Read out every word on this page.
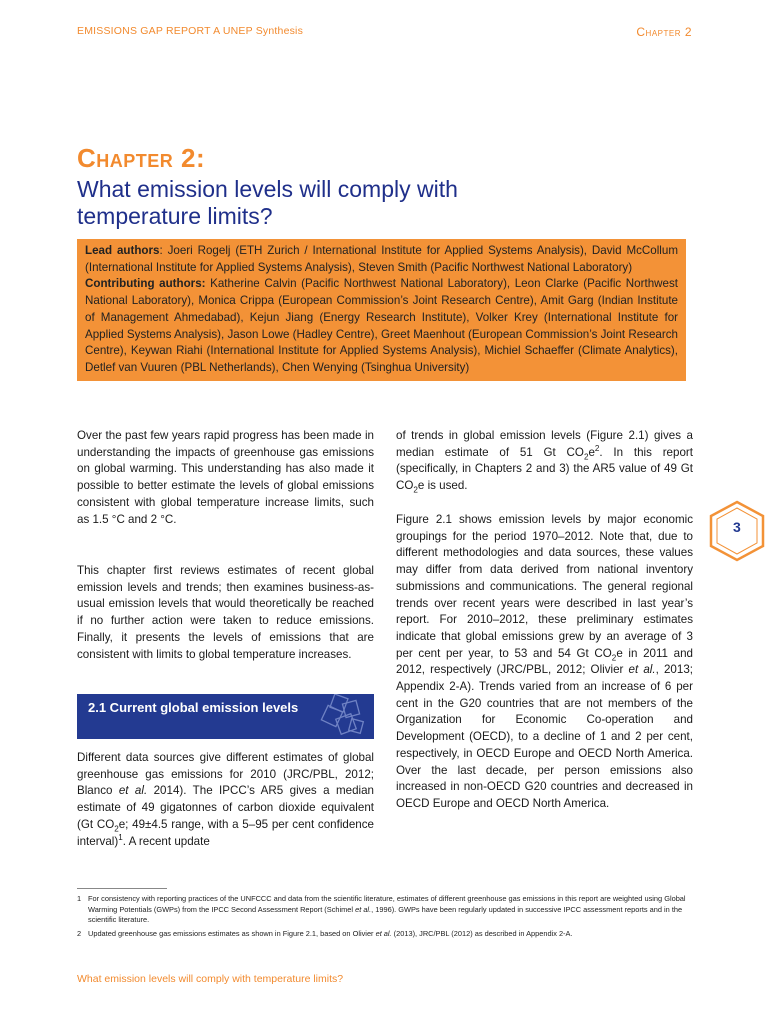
EMISSIONS GAP REPORT A UNEP Synthesis	Chapter 2
Chapter 2:
What emission levels will comply with temperature limits?
Lead authors: Joeri Rogelj (ETH Zurich / International Institute for Applied Systems Analysis), David McCollum (International Institute for Applied Systems Analysis), Steven Smith (Pacific Northwest National Laboratory)
Contributing authors: Katherine Calvin (Pacific Northwest National Laboratory), Leon Clarke (Pacific Northwest National Laboratory), Monica Crippa (European Commission’s Joint Research Centre), Amit Garg (Indian Institute of Management Ahmedabad), Kejun Jiang (Energy Research Institute), Volker Krey (International Institute for Applied Systems Analysis), Jason Lowe (Hadley Centre), Greet Maenhout (European Commission’s Joint Research Centre), Keywan Riahi (International Institute for Applied Systems Analysis), Michiel Schaeffer (Climate Analytics), Detlef van Vuuren (PBL Netherlands), Chen Wenying (Tsinghua University)

Over the past few years rapid progress has been made in understanding the impacts of greenhouse gas emissions on global warming. This understanding has also made it possible to better estimate the levels of global emissions consistent with global temperature increase limits, such as 1.5 °C and 2 °C.

This chapter first reviews estimates of recent global emission levels and trends; then examines business-as-usual emission levels that would theoretically be reached if no further action were taken to reduce emissions. Finally, it presents the levels of emissions that are consistent with limits to global temperature increases.

2.1 Current global emission levels

Different data sources give different estimates of global greenhouse gas emissions for 2010 (JRC/PBL, 2012; Blanco et al. 2014). The IPCC’s AR5 gives a median estimate of 49 gigatonnes of carbon dioxide equivalent (Gt $CO_2e$; 49±4.5 range, with a 5–95 per cent confidence interval)$^1$. A recent update

of trends in global emission levels (Figure 2.1) gives a median estimate of 51 Gt $CO_2e^2$. In this report (specifically, in Chapters 2 and 3) the AR5 value of 49 Gt $CO_2e$ is used.

Figure 2.1 shows emission levels by major economic groupings for the period 1970–2012. Note that, due to different methodologies and data sources, these values may differ from data derived from national inventory submissions and communications. The general regional trends over recent years were described in last year’s report. For 2010–2012, these preliminary estimates indicate that global emissions grew by an average of 3 per cent per year, to 53 and 54 Gt $CO_2e$ in 2011 and 2012, respectively (JRC/PBL, 2012; Olivier et al., 2013; Appendix 2-A). Trends varied from an increase of 6 per cent in the G20 countries that are not members of the Organization for Economic Co-operation and Development (OECD), to a decline of 1 and 2 per cent, respectively, in OECD Europe and OECD North America. Over the last decade, per person emissions also increased in non-OECD G20 countries and decreased in OECD Europe and OECD North America.

3
1 For consistency with reporting practices of the UNFCCC and data from the scientific literature, estimates of different greenhouse gas emissions in this report are weighted using Global Warming Potentials (GWPs) from the IPCC Second Assessment Report (Schimel et al., 1996). GWPs have been regularly updated in successive IPCC assessment reports and in the scientific literature.
2 Updated greenhouse gas emissions estimates as shown in Figure 2.1, based on Olivier et al. (2013), JRC/PBL (2012) as described in Appendix 2-A.
What emission levels will comply with temperature limits?
